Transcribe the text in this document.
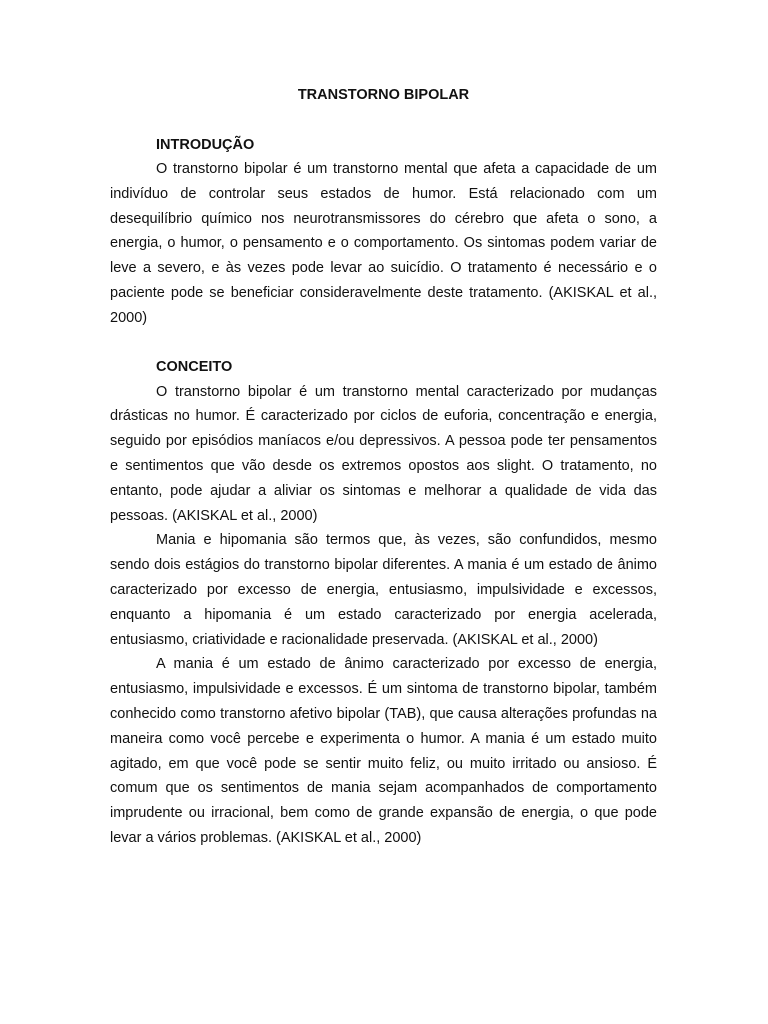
TRANSTORNO BIPOLAR
INTRODUÇÃO

O transtorno bipolar é um transtorno mental que afeta a capacidade de um indivíduo de controlar seus estados de humor. Está relacionado com um desequilíbrio químico nos neurotransmissores do cérebro que afeta o sono, a energia, o humor, o pensamento e o comportamento. Os sintomas podem variar de leve a severo, e às vezes pode levar ao suicídio. O tratamento é necessário e o paciente pode se beneficiar consideravelmente deste tratamento. (AKISKAL et al., 2000)

CONCEITO

O transtorno bipolar é um transtorno mental caracterizado por mudanças drásticas no humor. É caracterizado por ciclos de euforia, concentração e energia, seguido por episódios maníacos e/ou depressivos. A pessoa pode ter pensamentos e sentimentos que vão desde os extremos opostos aos slight. O tratamento, no entanto, pode ajudar a aliviar os sintomas e melhorar a qualidade de vida das pessoas. (AKISKAL et al., 2000)

Mania e hipomania são termos que, às vezes, são confundidos, mesmo sendo dois estágios do transtorno bipolar diferentes. A mania é um estado de ânimo caracterizado por excesso de energia, entusiasmo, impulsividade e excessos, enquanto a hipomania é um estado caracterizado por energia acelerada, entusiasmo, criatividade e racionalidade preservada. (AKISKAL et al., 2000)

A mania é um estado de ânimo caracterizado por excesso de energia, entusiasmo, impulsividade e excessos. É um sintoma de transtorno bipolar, também conhecido como transtorno afetivo bipolar (TAB), que causa alterações profundas na maneira como você percebe e experimenta o humor. A mania é um estado muito agitado, em que você pode se sentir muito feliz, ou muito irritado ou ansioso. É comum que os sentimentos de mania sejam acompanhados de comportamento imprudente ou irracional, bem como de grande expansão de energia, o que pode levar a vários problemas. (AKISKAL et al., 2000)
